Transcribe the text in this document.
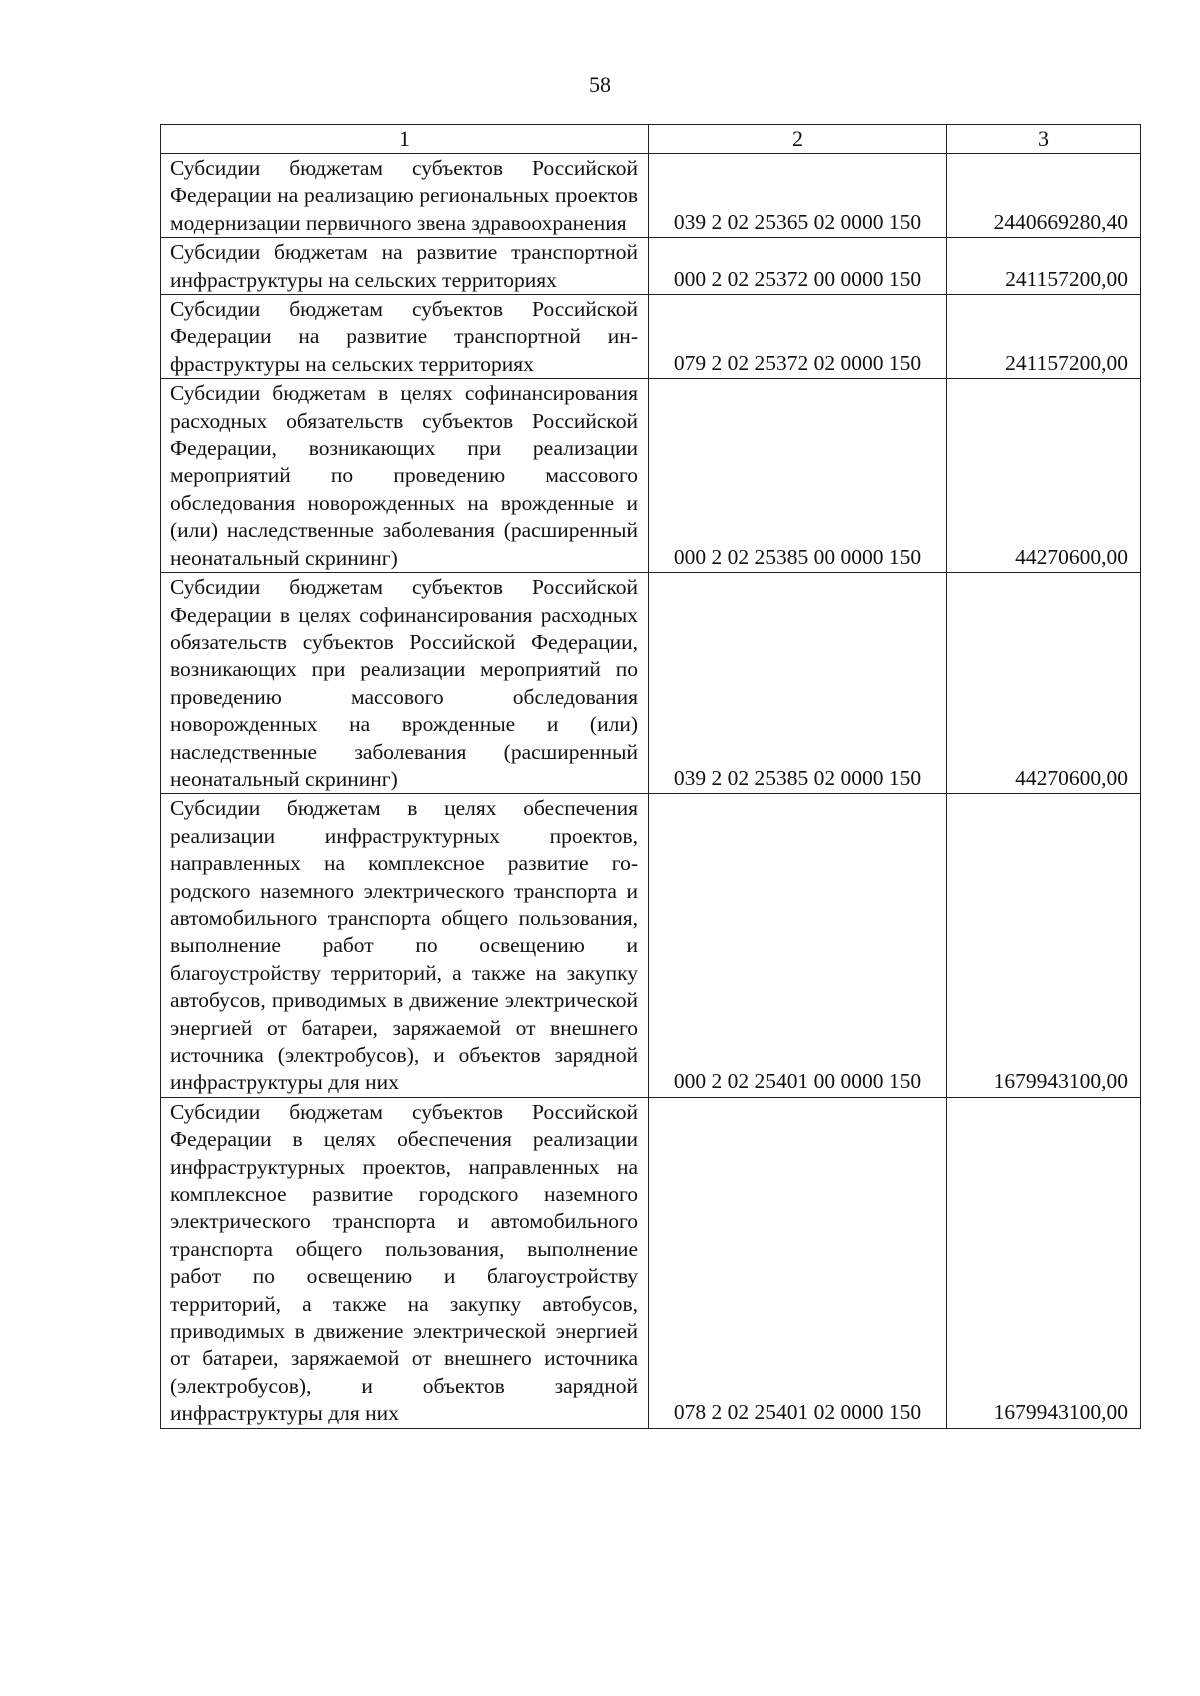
58
1	2	3
Субсидии бюджетам субъектов Российской Федерации на реализацию региональных проектов модернизации первичного звена здравоохранения	039 2 02 25365 02 0000 150	2440669280,40
Субсидии бюджетам на развитие транспортной инфраструктуры на сельских территориях	000 2 02 25372 00 0000 150	241157200,00
Субсидии бюджетам субъектов Российской Федерации на развитие транспортной инфраструктуры на сельских территориях	079 2 02 25372 02 0000 150	241157200,00
Субсидии бюджетам в целях софинансирования расходных обязательств субъектов Российской Федерации, возникающих при реализации мероприятий по проведению массового обследования новорожденных на врожденные и (или) наследственные заболевания (расширенный неонатальный скрининг)	000 2 02 25385 00 0000 150	44270600,00
Субсидии бюджетам субъектов Российской Федерации в целях софинансирования расходных обязательств субъектов Российской Федерации, возникающих при реализации мероприятий по проведению массового обследования новорожденных на врожденные и (или) наследственные заболевания (расширенный неонатальный скрининг)	039 2 02 25385 02 0000 150	44270600,00
Субсидии бюджетам в целях обеспечения реализации инфраструктурных проектов, направленных на комплексное развитие городского наземного электрического транспорта и автомобильного транспорта общего пользования, выполнение работ по освещению и благоустройству территорий, а также на закупку автобусов, приводимых в движение электрической энергией от батареи, заряжаемой от внешнего источника (электробусов), и объектов зарядной инфраструктуры для них	000 2 02 25401 00 0000 150	1679943100,00
Субсидии бюджетам субъектов Российской Федерации в целях обеспечения реализации инфраструктурных проектов, направленных на комплексное развитие городского наземного электрического транспорта и автомобильного транспорта общего пользования, выполнение работ по освещению и благоустройству территорий, а также на закупку автобусов, приводимых в движение электрической энергией от батареи, заряжаемой от внешнего источника (электробусов), и объектов зарядной инфраструктуры для них	078 2 02 25401 02 0000 150	1679943100,00
